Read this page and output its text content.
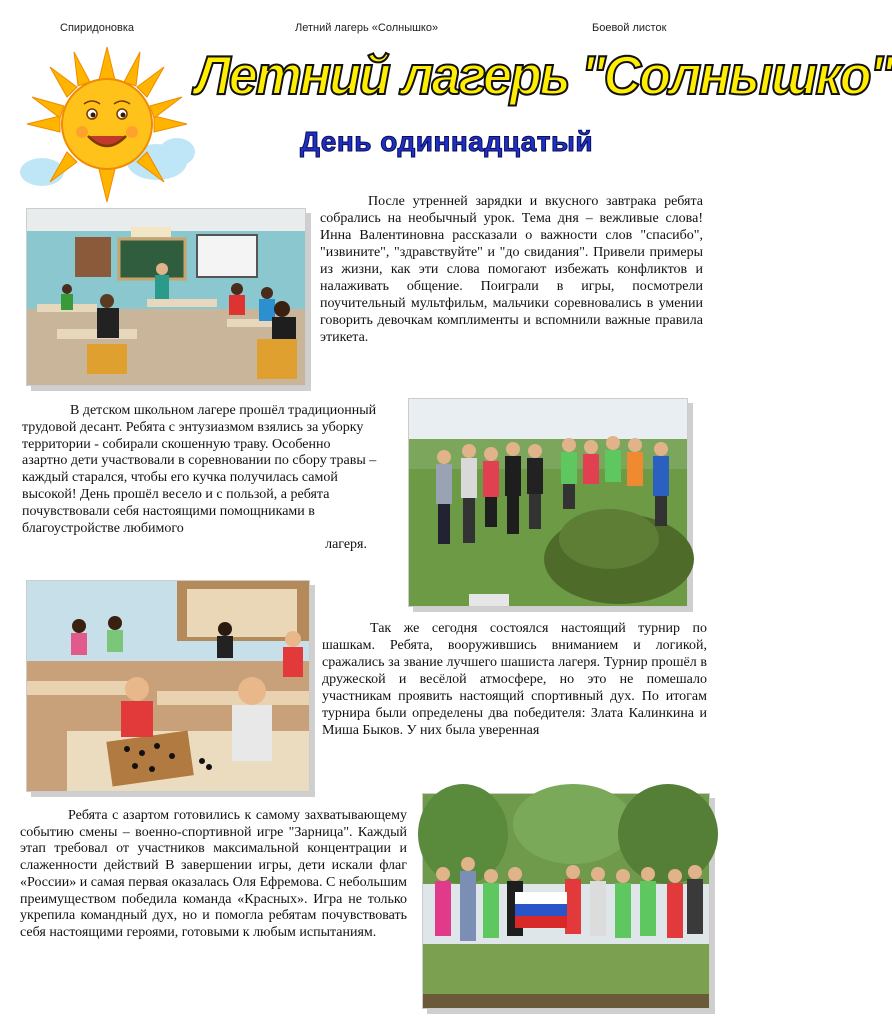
Спиридоновка	Летний лагерь «Солнышко»	Боевой листок
Летний лагерь "Солнышко"
День одиннадцатый
После утренней зарядки и вкусного завтрака ребята собрались на необычный урок. Тема дня – вежливые слова! Инна Валентиновна рассказали о важности слов "спасибо", "извините", "здравствуйте" и "до свидания". Привели примеры из жизни, как эти слова помогают избежать конфликтов и налаживать общение. Поиграли в игры, посмотрели поучительный мультфильм, мальчики соревновались в умении говорить девочкам комплименты и вспомнили важные правила этикета.
В детском школьном лагере прошёл традиционный трудовой десант. Ребята с энтузиазмом взялись за уборку территории - собирали скошенную траву. Особенно азартно дети участвовали в соревновании по сбору травы – каждый старался, чтобы его кучка получилась самой высокой! День прошёл весело и с пользой, а ребята почувствовали себя настоящими помощниками в благоустройстве любимого
лагеря.
Так же сегодня состоялся настоящий турнир по шашкам. Ребята, вооружившись вниманием и логикой, сражались за звание лучшего шашиста лагеря. Турнир прошёл в дружеской и весёлой атмосфере, но это не помешало участникам проявить настоящий спортивный дух. По итогам турнира были определены два победителя: Злата Калинкина и Миша Быков. У них была уверенная
Ребята с азартом готовились к самому захватывающему событию смены – военно-спортивной игре "Зарница". Каждый этап требовал от участников максимальной концентрации и слаженности действий В завершении игры, дети искали флаг «России» и самая первая оказалась Оля Ефремова. С небольшим преимуществом победила команда «Красных». Игра не только укрепила командный дух, но и помогла ребятам почувствовать себя настоящими героями, готовыми к любым испытаниям.
